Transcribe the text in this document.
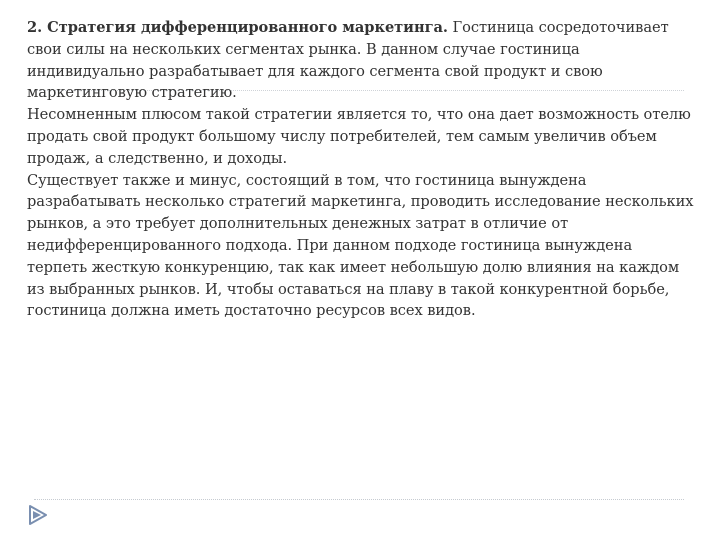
2. Стратегия дифференцированного маркетинга. Гостиница сосредоточивает свои силы на нескольких сегментах рынка. В данном случае гостиница индивидуально разрабатывает для каждого сегмента свой продукт и свою маркетинговую стратегию.

Несомненным плюсом такой стратегии является то, что она дает возможность отелю продать свой продукт большому числу потребителей, тем самым увеличив объем продаж, а следственно, и доходы.

Существует также и минус, состоящий в том, что гостиница вынуждена разрабатывать несколько стратегий маркетинга, проводить исследование нескольких рынков, а это требует дополнительных денежных затрат в отличие от недифференцированного подхода. При данном подходе гостиница вынуждена терпеть жесткую конкуренцию, так как имеет небольшую долю влияния на каждом из выбранных рынков. И, чтобы оставаться на плаву в такой конкурентной борьбе, гостиница должна иметь достаточно ресурсов всех видов.
